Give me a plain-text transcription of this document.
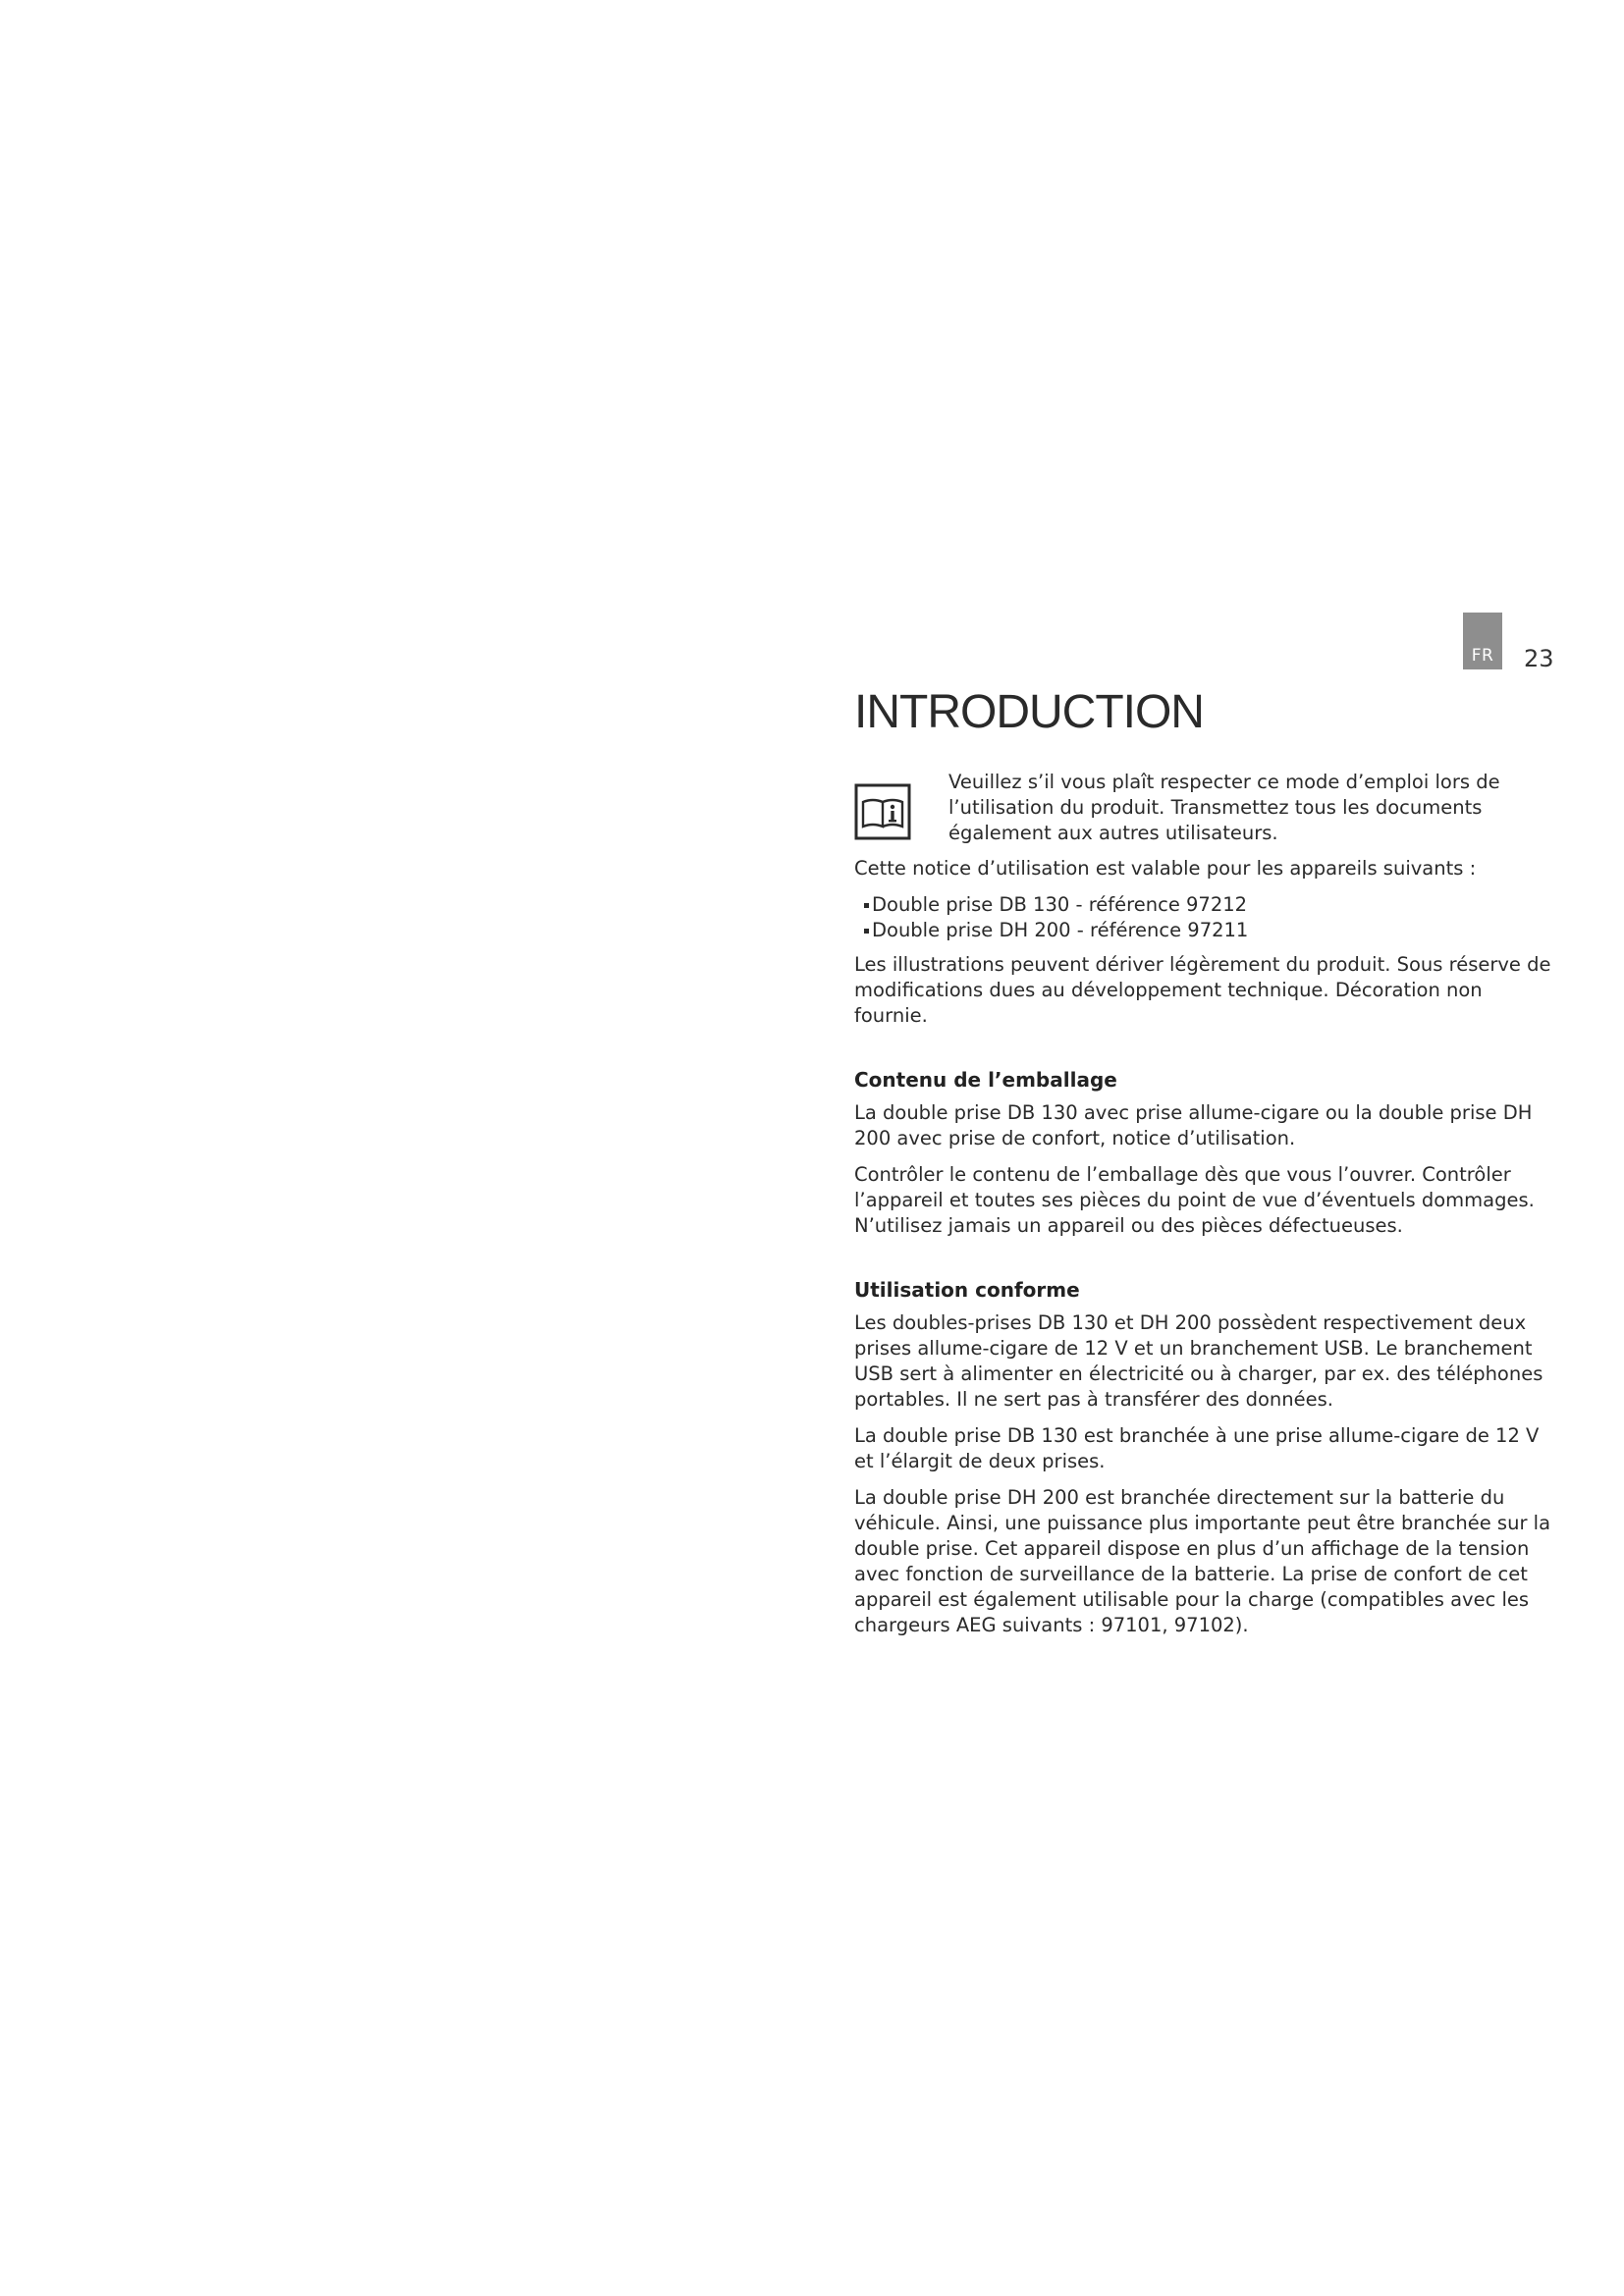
FR	23
INTRODUCTION
Veuillez s’il vous plaît respecter ce mode d’emploi lors de l’utilisation du produit. Transmettez tous les documents également aux autres utilisateurs.

Cette notice d’utilisation est valable pour les appareils suivants :

Double prise DB 130 - référence 97212
Double prise DH 200 - référence 97211

Les illustrations peuvent dériver légèrement du produit. Sous réserve de modifications dues au développement technique. Décoration non fournie.

Contenu de l’emballage

La double prise DB 130 avec prise allume-cigare ou la double prise DH 200 avec prise de confort, notice d’utilisation.

Contrôler le contenu de l’emballage dès que vous l’ouvrer. Contrôler l’appareil et toutes ses pièces du point de vue d’éventuels dommages. N’utilisez jamais un appareil ou des pièces défectueuses.

Utilisation conforme

Les doubles-prises DB 130 et DH 200 possèdent respectivement deux prises allume-cigare de 12 V et un branchement USB. Le branchement USB sert à alimenter en électricité ou à charger, par ex. des téléphones portables. Il ne sert pas à transférer des données.

La double prise DB 130 est branchée à une prise allume-cigare de 12 V et l’élargit de deux prises.

La double prise DH 200 est branchée directement sur la batterie du véhicule. Ainsi, une puissance plus importante peut être branchée sur la double prise. Cet appareil dispose en plus d’un affichage de la tension avec fonction de surveillance de la batterie. La prise de confort de cet appareil est également utilisable pour la charge (compatibles avec les chargeurs AEG suivants : 97101, 97102).
